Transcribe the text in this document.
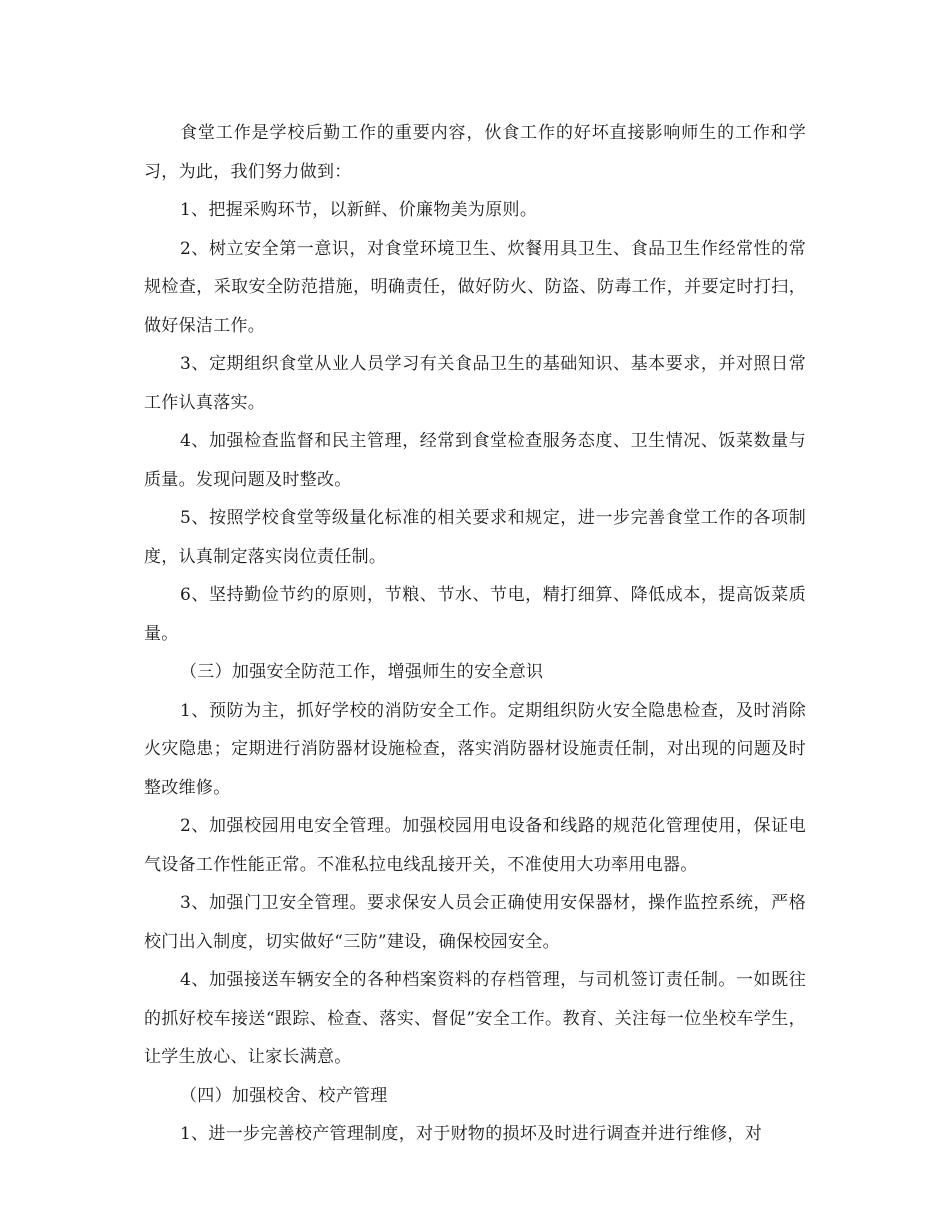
食堂工作是学校后勤工作的重要内容，伙食工作的好坏直接影响师生的工作和学习，为此，我们努力做到：

1、把握采购环节，以新鲜、价廉物美为原则。

2、树立安全第一意识，对食堂环境卫生、炊餐用具卫生、食品卫生作经常性的常规检查，采取安全防范措施，明确责任，做好防火、防盗、防毒工作，并要定时打扫，做好保洁工作。

3、定期组织食堂从业人员学习有关食品卫生的基础知识、基本要求，并对照日常工作认真落实。

4、加强检查监督和民主管理，经常到食堂检查服务态度、卫生情况、饭菜数量与质量。发现问题及时整改。

5、按照学校食堂等级量化标准的相关要求和规定，进一步完善食堂工作的各项制度，认真制定落实岗位责任制。

6、坚持勤俭节约的原则，节粮、节水、节电，精打细算、降低成本，提高饭菜质量。

（三）加强安全防范工作，增强师生的安全意识

1、预防为主，抓好学校的消防安全工作。定期组织防火安全隐患检查，及时消除火灾隐患；定期进行消防器材设施检查，落实消防器材设施责任制，对出现的问题及时整改维修。

2、加强校园用电安全管理。加强校园用电设备和线路的规范化管理使用，保证电气设备工作性能正常。不准私拉电线乱接开关，不准使用大功率用电器。

3、加强门卫安全管理。要求保安人员会正确使用安保器材，操作监控系统，严格校门出入制度，切实做好“三防”建设，确保校园安全。

4、加强接送车辆安全的各种档案资料的存档管理，与司机签订责任制。一如既往的抓好校车接送“跟踪、检查、落实、督促”安全工作。教育、关注每一位坐校车学生，让学生放心、让家长满意。

（四）加强校舍、校产管理

1、进一步完善校产管理制度，对于财物的损坏及时进行调查并进行维修，对
